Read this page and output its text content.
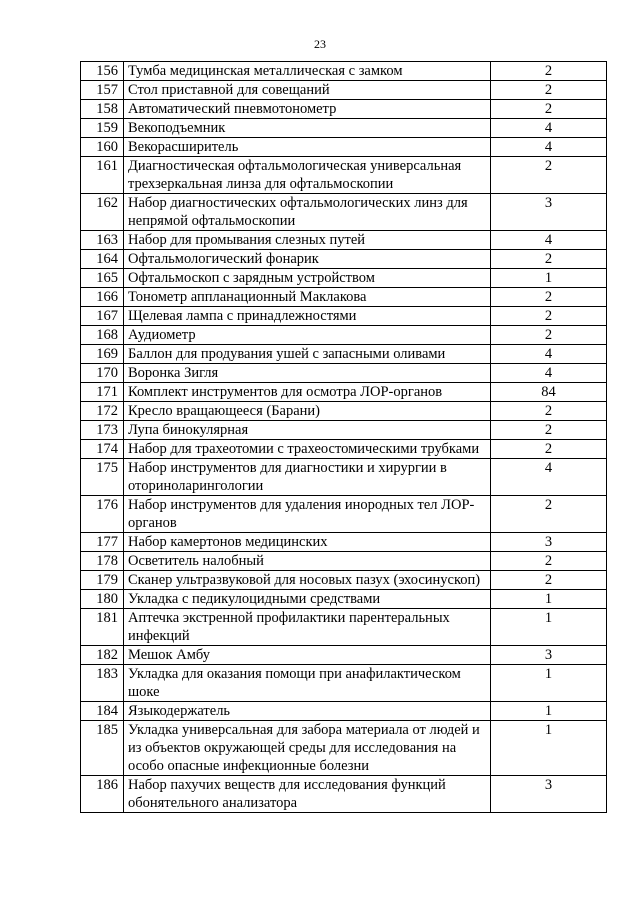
23
156	Тумба медицинская металлическая с замком	2
157	Стол приставной для совещаний	2
158	Автоматический пневмотонометр	2
159	Векоподъемник	4
160	Векорасширитель	4
161	Диагностическая офтальмологическая универсальная трехзеркальная линза для офтальмоскопии	2
162	Набор диагностических офтальмологических линз для непрямой офтальмоскопии	3
163	Набор для промывания слезных путей	4
164	Офтальмологический фонарик	2
165	Офтальмоскоп с зарядным устройством	1
166	Тонометр аппланационный Маклакова	2
167	Щелевая лампа с принадлежностями	2
168	Аудиометр	2
169	Баллон для продувания ушей с запасными оливами	4
170	Воронка Зигля	4
171	Комплект инструментов для осмотра ЛОР-органов	84
172	Кресло вращающееся (Барани)	2
173	Лупа бинокулярная	2
174	Набор для трахеотомии с трахеостомическими трубками	2
175	Набор инструментов для диагностики и хирургии в оториноларингологии	4
176	Набор инструментов для удаления инородных тел ЛОР-органов	2
177	Набор камертонов медицинских	3
178	Осветитель налобный	2
179	Сканер ультразвуковой для носовых пазух (эхосинускоп)	2
180	Укладка с педикулоцидными средствами	1
181	Аптечка экстренной профилактики парентеральных инфекций	1
182	Мешок Амбу	3
183	Укладка для оказания помощи при анафилактическом шоке	1
184	Языкодержатель	1
185	Укладка универсальная для забора материала от людей и из объектов окружающей среды для исследования на особо опасные инфекционные болезни	1
186	Набор пахучих веществ для исследования функций обонятельного анализатора	3
